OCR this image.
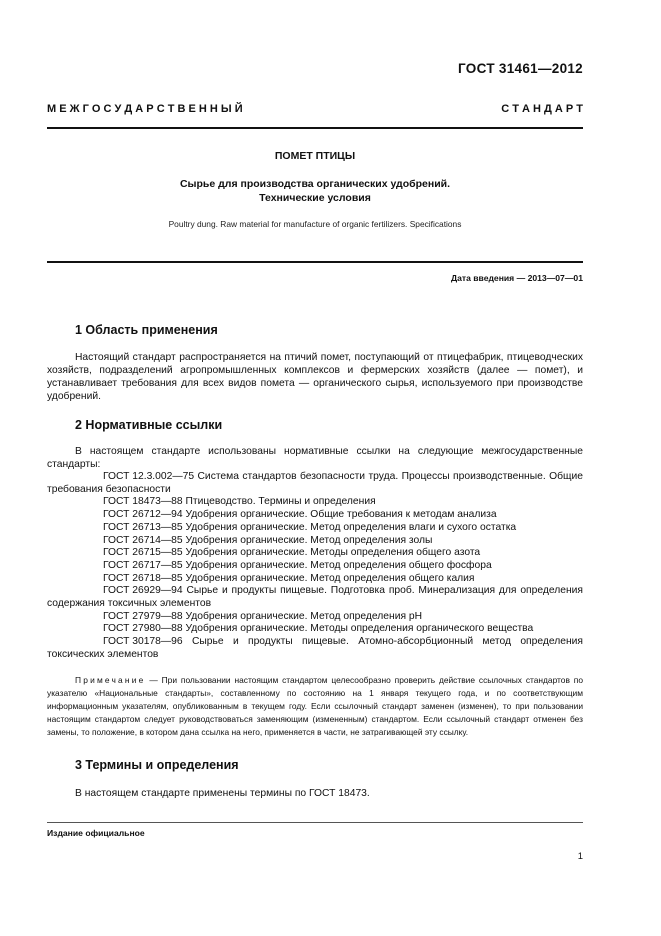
ГОСТ 31461—2012
М Е Ж Г О С У Д А Р С Т В Е Н Н Ы Й	С Т А Н Д А Р Т
ПОМЕТ ПТИЦЫ
Сырье для производства органических удобрений.
Технические условия
Poultry dung. Raw material for manufacture of organic fertilizers. Specifications
Дата введения — 2013—07—01
1 Область применения

Настоящий стандарт распространяется на птичий помет, поступающий от птицефабрик, птицеводческих хозяйств, подразделений агропромышленных комплексов и фермерских хозяйств (далее — помет), и устанавливает требования для всех видов помета — органического сырья, используемого при производстве удобрений.

2 Нормативные ссылки

В настоящем стандарте использованы нормативные ссылки на следующие межгосударственные стандарты:

ГОСТ 12.3.002—75 Система стандартов безопасности труда. Процессы производственные. Общие требования безопасности
ГОСТ 18473—88 Птицеводство. Термины и определения
ГОСТ 26712—94 Удобрения органические. Общие требования к методам анализа
ГОСТ 26713—85 Удобрения органические. Метод определения влаги и сухого остатка
ГОСТ 26714—85 Удобрения органические. Метод определения золы
ГОСТ 26715—85 Удобрения органические. Методы определения общего азота
ГОСТ 26717—85 Удобрения органические. Метод определения общего фосфора
ГОСТ 26718—85 Удобрения органические. Метод определения общего калия
ГОСТ 26929—94 Сырье и продукты пищевые. Подготовка проб. Минерализация для определения содержания токсичных элементов
ГОСТ 27979—88 Удобрения органические. Метод определения pH
ГОСТ 27980—88 Удобрения органические. Методы определения органического вещества
ГОСТ 30178—96 Сырье и продукты пищевые. Атомно-абсорбционный метод определения токсических элементов

Примечание — При пользовании настоящим стандартом целесообразно проверить действие ссылочных стандартов по указателю «Национальные стандарты», составленному по состоянию на 1 января текущего года, и по соответствующим информационным указателям, опубликованным в текущем году. Если ссылочный стандарт заменен (изменен), то при пользовании настоящим стандартом следует руководствоваться заменяющим (измененным) стандартом. Если ссылочный стандарт отменен без замены, то положение, в котором дана ссылка на него, применяется в части, не затрагивающей эту ссылку.

3 Термины и определения

В настоящем стандарте применены термины по ГОСТ 18473.

Издание официальное
1
